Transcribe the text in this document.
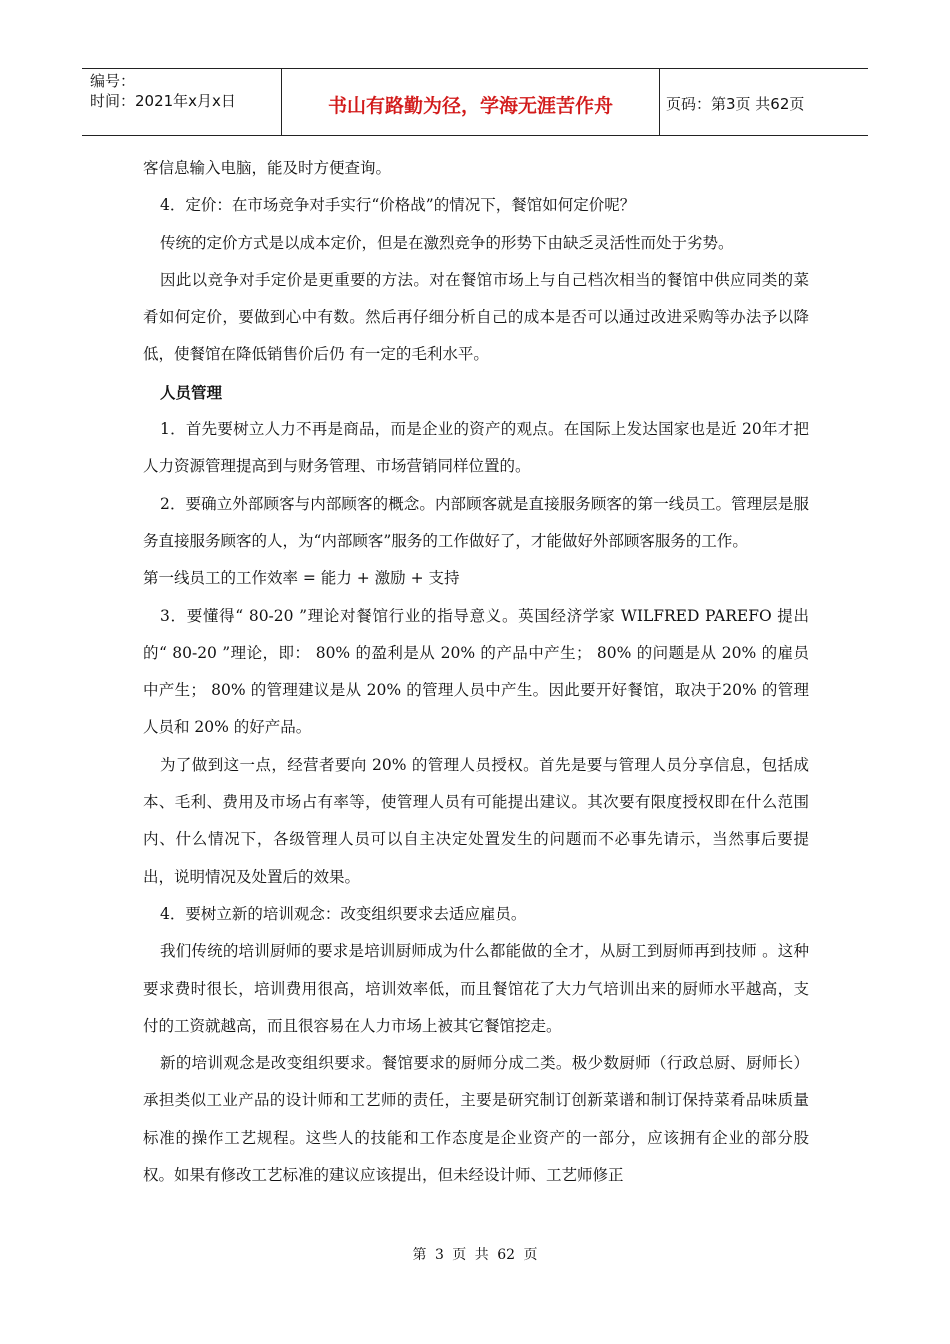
编号：
时间：2021年x月x日	书山有路勤为径，学海无涯苦作舟	页码：第3页 共62页

客信息输入电脑，能及时方便查询。

4．定价：在市场竞争对手实行“价格战”的情况下，餐馆如何定价呢？

传统的定价方式是以成本定价，但是在激烈竞争的形势下由缺乏灵活性而处于劣势。

因此以竞争对手定价是更重要的方法。对在餐馆市场上与自己档次相当的餐馆中供应同类的菜肴如何定价，要做到心中有数。然后再仔细分析自己的成本是否可以通过改进采购等办法予以降低，使餐馆在降低销售价后仍 有一定的毛利水平。

人员管理

1．首先要树立人力不再是商品，而是企业的资产的观点。在国际上发达国家也是近 20年才把人力资源管理提高到与财务管理、市场营销同样位置的。

2．要确立外部顾客与内部顾客的概念。内部顾客就是直接服务顾客的第一线员工。管理层是服务直接服务顾客的人，为“内部顾客”服务的工作做好了，才能做好外部顾客服务的工作。

第一线员工的工作效率 = 能力 + 激励 + 支持

3．要懂得“ 80-20 ”理论对餐馆行业的指导意义。英国经济学家 WILFRED PAREFO 提出的“ 80-20 ”理论，即： 80% 的盈利是从 20% 的产品中产生； 80% 的问题是从 20% 的雇员中产生； 80% 的管理建议是从 20% 的管理人员中产生。因此要开好餐馆，取决于20% 的管理人员和 20% 的好产品。

为了做到这一点，经营者要向 20% 的管理人员授权。首先是要与管理人员分享信息，包括成本、毛利、费用及市场占有率等，使管理人员有可能提出建议。其次要有限度授权即在什么范围内、什么情况下，各级管理人员可以自主决定处置发生的问题而不必事先请示，当然事后要提出，说明情况及处置后的效果。

4．要树立新的培训观念：改变组织要求去适应雇员。

我们传统的培训厨师的要求是培训厨师成为什么都能做的全才，从厨工到厨师再到技师 。这种要求费时很长，培训费用很高，培训效率低，而且餐馆花了大力气培训出来的厨师水平越高，支付的工资就越高，而且很容易在人力市场上被其它餐馆挖走。

新的培训观念是改变组织要求。餐馆要求的厨师分成二类。极少数厨师（行政总厨、厨师长）承担类似工业产品的设计师和工艺师的责任，主要是研究制订创新菜谱和制订保持菜肴品味质量标准的操作工艺规程。这些人的技能和工作态度是企业资产的一部分，应该拥有企业的部分股权。如果有修改工艺标准的建议应该提出，但未经设计师、工艺师修正

第 3 页 共 62 页
